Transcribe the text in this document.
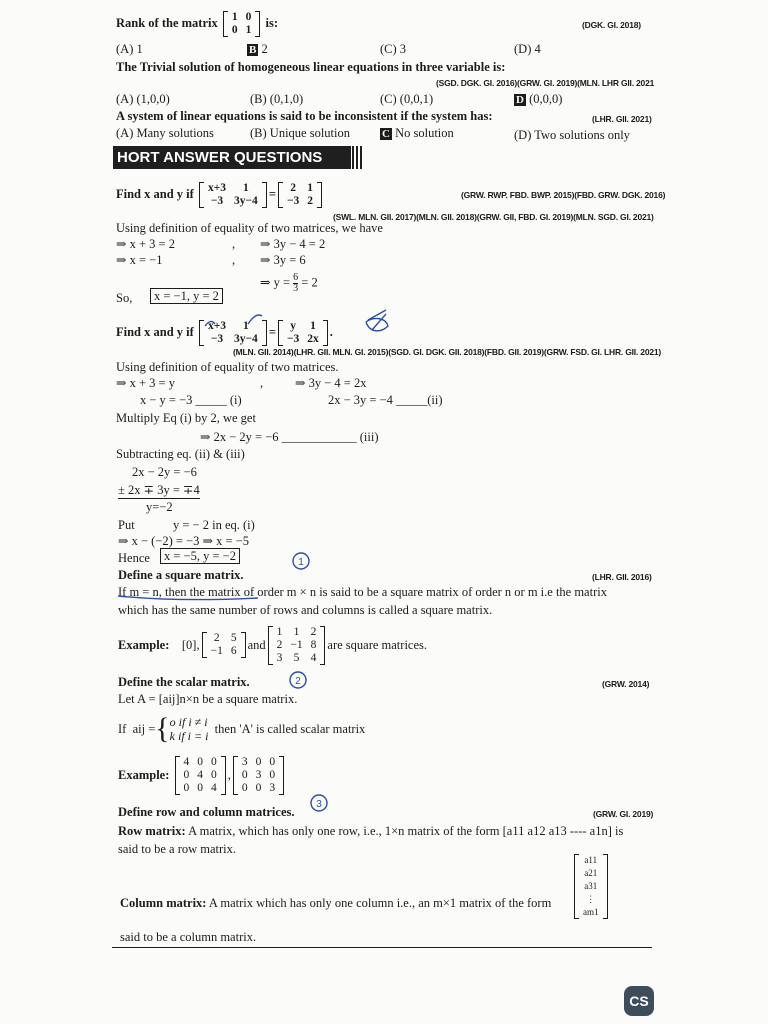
Rank of the matrix 1	0
0	1
is:	(DGK. GI. 2018)
(A) 1	B 2	(C) 3	(D) 4
The Trivial solution of homogeneous linear equations in three variable is:
(SGD. DGK. GI. 2016)(GRW. GI. 2019)(MLN. LHR GII. 2021
(A) (1,0,0)	(B) (0,1,0)	(C) (0,0,1)	D (0,0,0)
A system of linear equations is said to be inconsistent if the system has:	(LHR. GII. 2021)
(A) Many solutions	(B) Unique solution	C No solution	(D) Two solutions only
HORT ANSWER QUESTIONS
Find x and y if x+3	1
−3	3y−4
= 2	1
−3	2	(GRW. RWP. FBD. BWP. 2015)(FBD. GRW. DGK. 2016)
(SWL. MLN. GII. 2017)(MLN. GII. 2018)(GRW. GII, FBD. GI. 2019)(MLN. SGD. GI. 2021)
Using definition of equality of two matrices, we have
⇒ x + 3 = 2	, ⇒ 3y − 4 = 2
⇒ x = −1	, ⇒ 3y = 6
⇒ $y = \frac{6}{3} = 2$
So,	x = −1, y = 2
Find x and y if x+3	1
−3	3y−4
= y	1
−3	2x
.
(MLN. GII. 2014)(LHR. GII. MLN. GI. 2015)(SGD. GI. DGK. GII. 2018)(FBD. GII. 2019)(GRW. FSD. GI. LHR. GII. 2021)
Using definition of equality of two matrices.
⇒ x + 3 = y	,	⇒ 3y − 4 = 2x
x − y = −3 _____ (i)	2x − 3y = −4 _____(ii)
Multiply Eq (i) by 2, we get
⇒ 2x − 2y = −6 ____________ (iii)
Subtracting eq. (ii) & (iii)
2x − 2y = −6
± 2x ∓ 3y = ∓4
y=−2
Put	y = − 2 in eq. (i)
⇒ x − (−2) = −3 ⇒ x = −5
Hence	x = −5, y = −2
Define a square matrix.	(LHR. GII. 2016)
If m = n, then the matrix of order m × n is said to be a square matrix of order n or m i.e the matrix
which has the same number of rows and columns is called a square matrix.
Example:
[0], 2	5
−1	6 and
1	1	2
2	−1	8
3	5	4
are square matrices.
Define the scalar matrix.	(GRW. 2014)
Let A = [aij]n×n be a square matrix.
If
aij = { o if i ≠ i
k if i = i

then 'A' is called scalar matrix
Example:

4	0	0
0	4	0
0	0	4
,
3	0	0
0	3	0
0	0	3
Define row and column matrices.	(GRW. GI. 2019)
Row matrix: A matrix, which has only one row, i.e., 1×n matrix of the form [a11 a12 a13 ---- a1n] is
said to be a row matrix.
Column matrix: A matrix which has only one column i.e., an m×1 matrix of the form
a11
a21
a31
⋮
am1
said to be a column matrix.
1
2
3
CS
